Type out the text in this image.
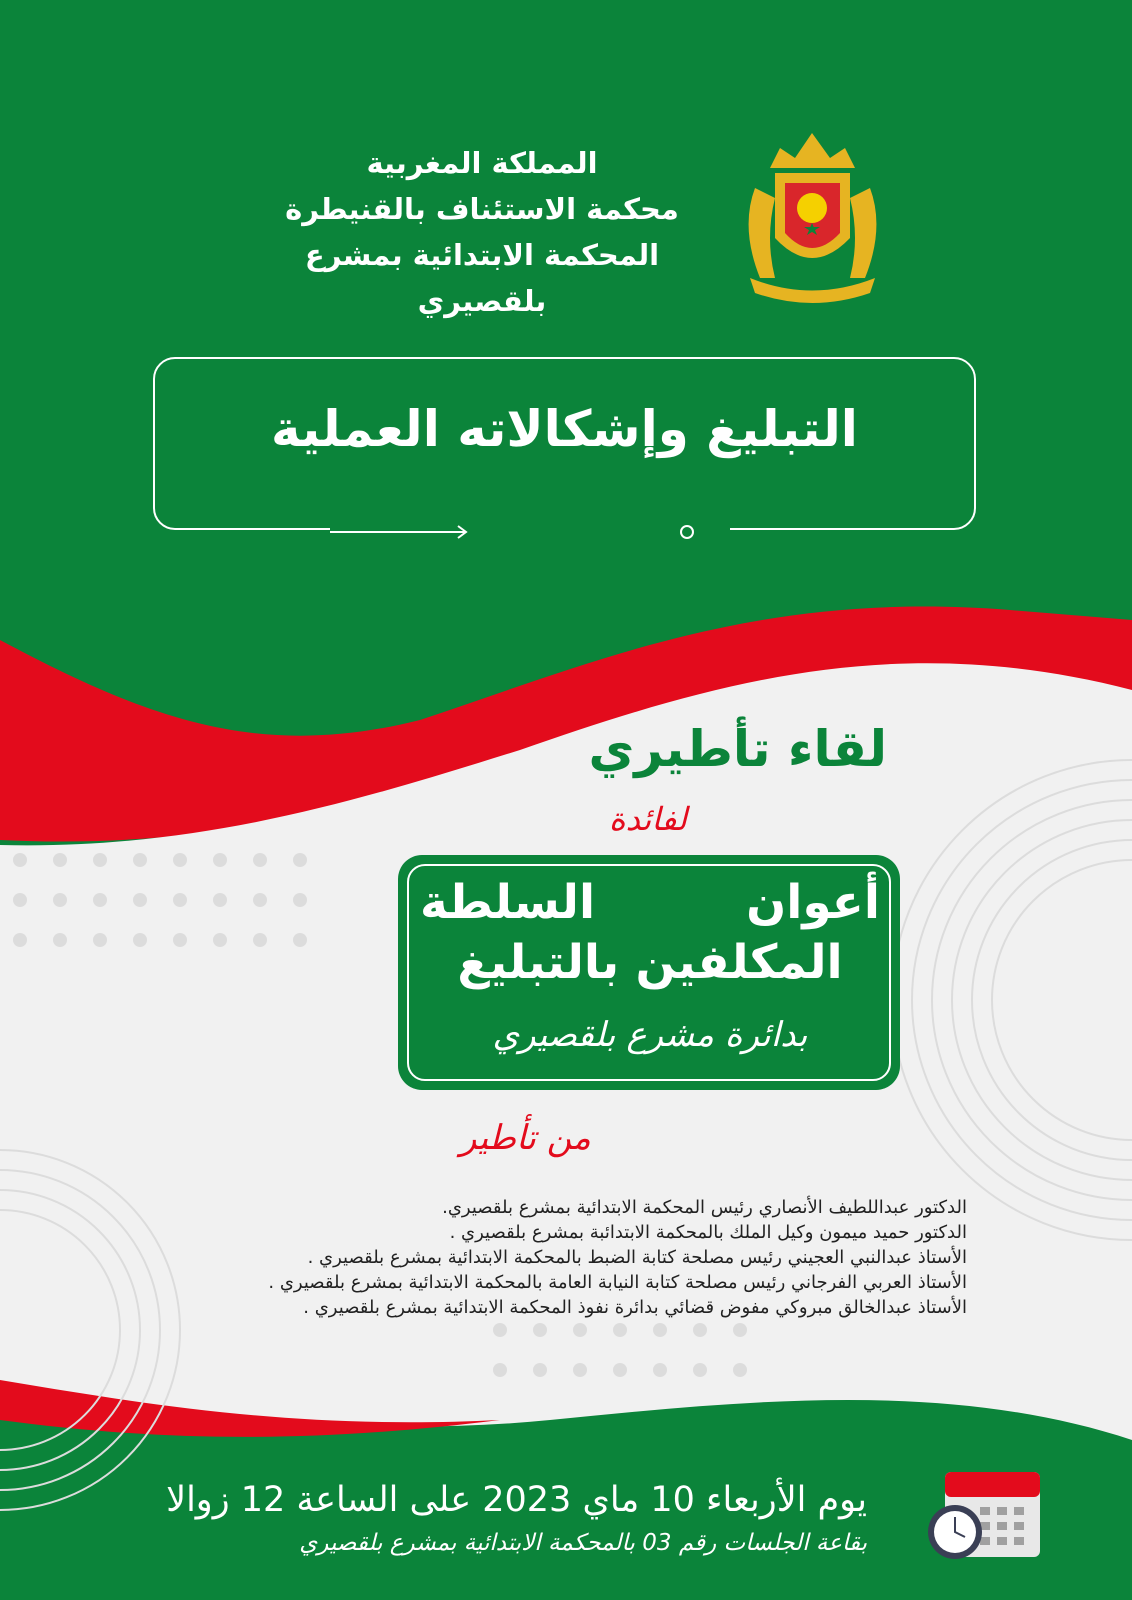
المملكة المغربية
محكمة الاستئناف بالقنيطرة
المحكمة الابتدائية بمشرع بلقصيري
التبليغ وإشكالاته العملية
لقاء تأطيري
لفائدة
أعوان السلطة
المكلفين بالتبليغ
بدائرة مشرع بلقصيري
من تأطير
الدكتور عبداللطيف الأنصاري رئيس المحكمة الابتدائية بمشرع بلقصيري.
الدكتور حميد ميمون وكيل الملك بالمحكمة الابتدائبة بمشرع بلقصيري .
الأستاذ عبدالنبي العجيني رئيس مصلحة كتابة الضبط بالمحكمة الابتدائية بمشرع بلقصيري .
الأستاذ العربي الفرجاني رئيس مصلحة كتابة النيابة العامة بالمحكمة الابتدائية بمشرع بلقصيري .
الأستاذ عبدالخالق مبروكي مفوض قضائي بدائرة نفوذ المحكمة الابتدائية بمشرع بلقصيري .
يوم الأربعاء 10 ماي 2023 على الساعة 12 زوالا
بقاعة الجلسات رقم 03 بالمحكمة الابتدائية بمشرع بلقصيري
